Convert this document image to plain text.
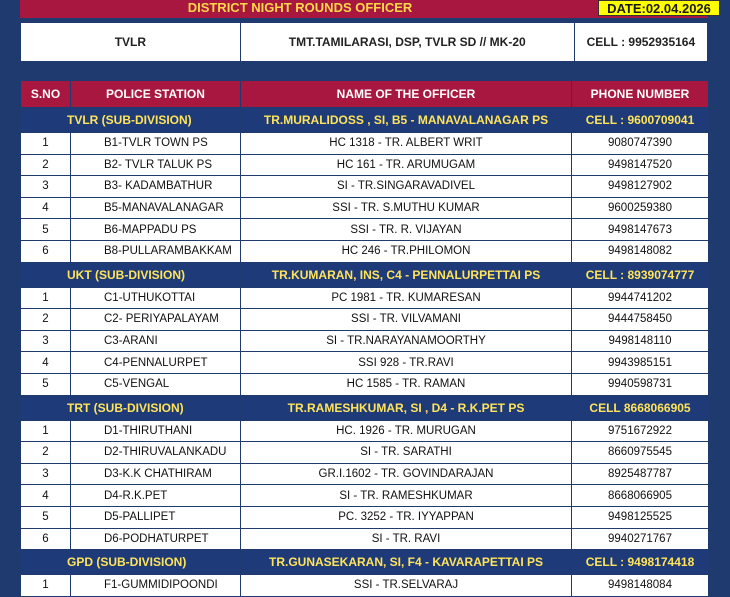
DISTRICT NIGHT ROUNDS OFFICER	DATE:02.04.2026
TVLR	TMT.TAMILARASI, DSP, TVLR SD // MK-20	CELL : 9952935164
S.NO	POLICE STATION	NAME OF THE OFFICER	PHONE NUMBER
TVLR (SUB-DIVISION)		TR.MURALIDOSS , SI, B5 - MANAVALANAGAR PS	CELL : 9600709041
1	B1-TVLR TOWN PS	HC 1318 - TR. ALBERT WRIT	9080747390
2	B2- TVLR TALUK PS	HC 161 - TR. ARUMUGAM	9498147520
3	B3- KADAMBATHUR	SI - TR.SINGARAVADIVEL	9498127902
4	B5-MANAVALANAGAR	SSI - TR. S.MUTHU KUMAR	9600259380
5	B6-MAPPADU PS	SSI - TR. R. VIJAYAN	9498147673
6	B8-PULLARAMBAKKAM	HC 246 - TR.PHILOMON	9498148082
UKT (SUB-DIVISION)		TR.KUMARAN, INS, C4 - PENNALURPETTAI PS	CELL : 8939074777
1	C1-UTHUKOTTAI	PC 1981 - TR. KUMARESAN	9944741202
2	C2- PERIYAPALAYAM	SSI - TR. VILVAMANI	9444758450
3	C3-ARANI	SI - TR.NARAYANAMOORTHY	9498148110
4	C4-PENNALURPET	SSI 928 - TR.RAVI	9943985151
5	C5-VENGAL	HC 1585 - TR. RAMAN	9940598731
TRT (SUB-DIVISION)		TR.RAMESHKUMAR, SI , D4 - R.K.PET PS	CELL 8668066905
1	D1-THIRUTHANI	HC. 1926 - TR. MURUGAN	9751672922
2	D2-THIRUVALANKADU	SI - TR. SARATHI	8660975545
3	D3-K.K CHATHIRAM	GR.I.1602 - TR. GOVINDARAJAN	8925487787
4	D4-R.K.PET	SI - TR. RAMESHKUMAR	8668066905
5	D5-PALLIPET	PC. 3252 - TR. IYYAPPAN	9498125525
6	D6-PODHATURPET	SI - TR. RAVI	9940271767
GPD (SUB-DIVISION)		TR.GUNASEKARAN, SI, F4 - KAVARAPETTAI PS	CELL : 9498174418
1	F1-GUMMIDIPOONDI	SSI - TR.SELVARAJ	9498148084
